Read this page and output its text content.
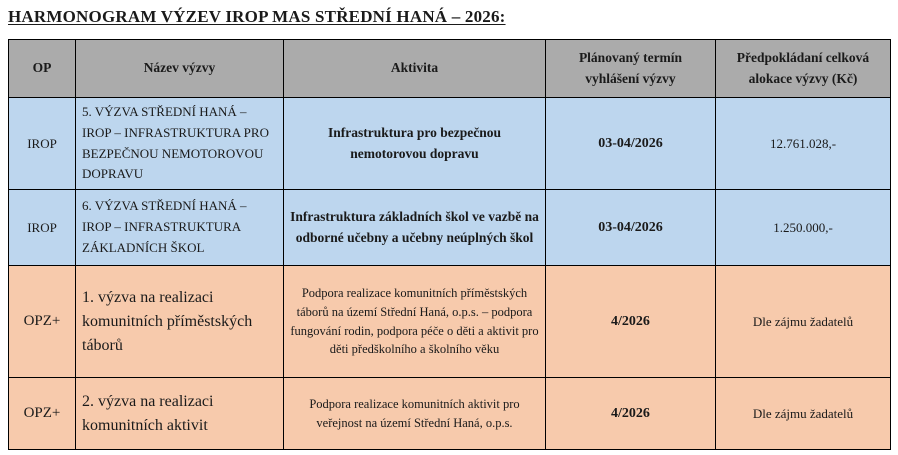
HARMONOGRAM VÝZEV IROP MAS STŘEDNÍ HANÁ – 2026:
OP	Název výzvy	Aktivita	Plánovaný termín vyhlášení výzvy	Předpokládaní celková alokace výzvy (Kč)
IROP	5. VÝZVA STŘEDNÍ HANÁ – IROP – INFRASTRUKTURA PRO BEZPEČNOU NEMOTOROVOU DOPRAVU	Infrastruktura pro bezpečnou nemotorovou dopravu	03-04/2026	12.761.028,-
IROP	6. VÝZVA STŘEDNÍ HANÁ – IROP – INFRASTRUKTURA ZÁKLADNÍCH ŠKOL	Infrastruktura základních škol ve vazbě na odborné učebny a učebny neúplných škol	03-04/2026	1.250.000,-
OPZ+	1. výzva na realizaci komunitních příměstských táborů	Podpora realizace komunitních příměstských táborů na území Střední Haná, o.p.s. – podpora fungování rodin, podpora péče o děti a aktivit pro děti předškolního a školního věku	4/2026	Dle zájmu žadatelů
OPZ+	2. výzva na realizaci komunitních aktivit	Podpora realizace komunitních aktivit pro veřejnost na území Střední Haná, o.p.s.	4/2026	Dle zájmu žadatelů
